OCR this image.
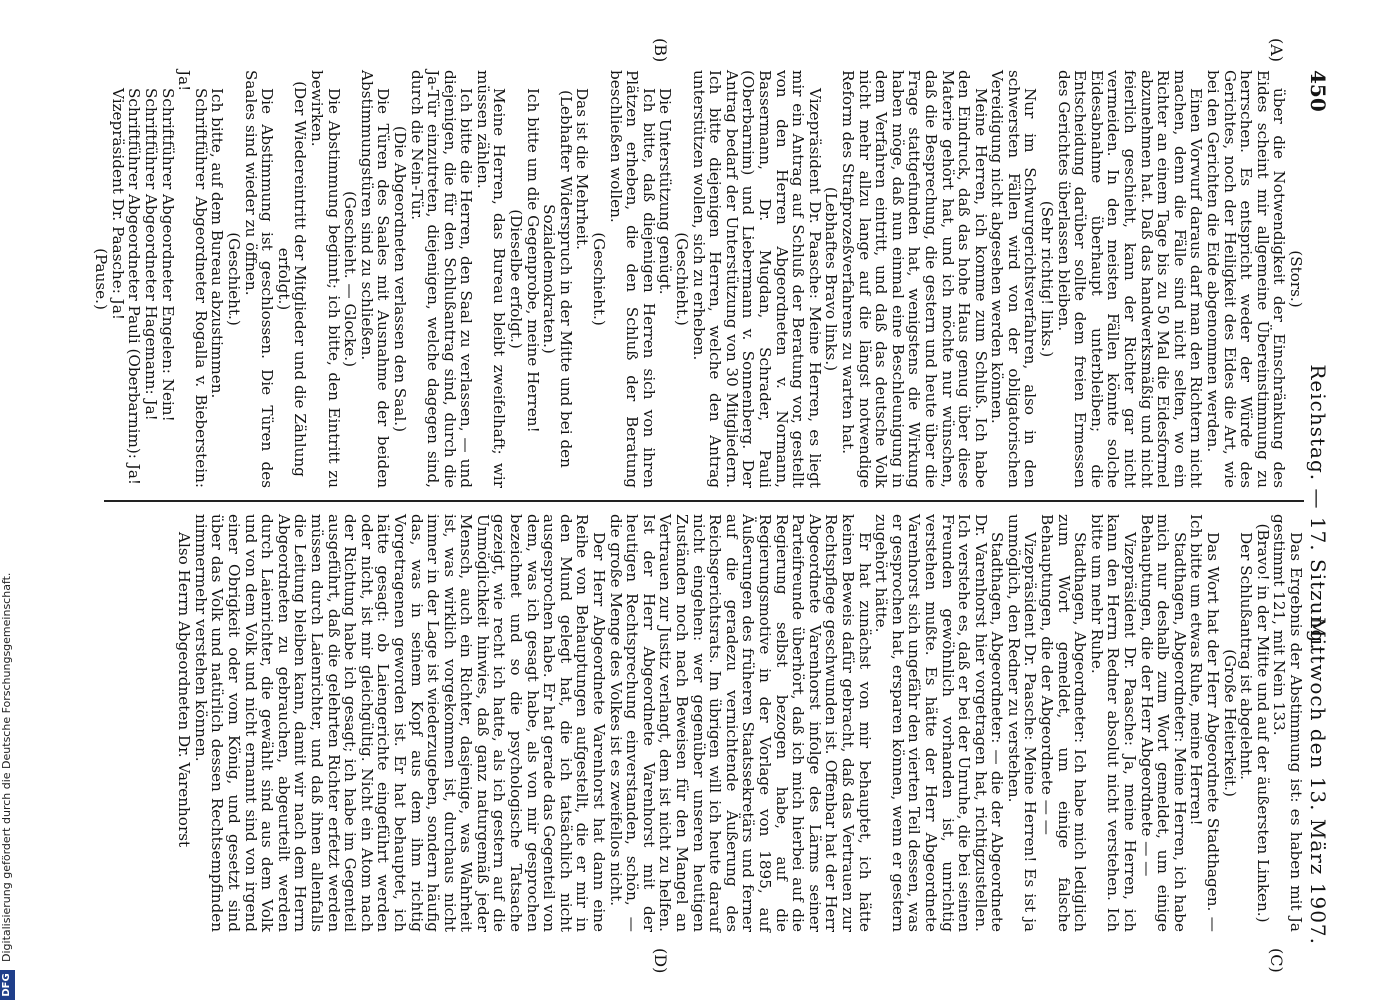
450
Reichstag. — 17. Sitzung.
Mittwoch den 13. März 1907.
(A)
(B)
(C)
(D)

(Stors.)

über die Notwendigkeit der Einschränkung des Eides scheint mir allgemeine Übereinstimmung zu herrschen. Es entspricht weder der Würde des Gerichtes, noch der Heiligkeit des Eides die Art, wie bei den Gerichten die Eide abgenommen werden.

Einen Vorwurf daraus darf man den Richtern nicht machen, denn die Fälle sind nicht selten, wo ein Richter an einem Tage bis zu 50 Mal die Eidesformel abzunehmen hat. Daß das handwerksmäßig und nicht feierlich geschieht, kann der Richter gar nicht vermeiden. In den meisten Fällen könnte solche Eidesabnahme überhaupt unterbleiben; die Entscheidung darüber sollte dem freien Ermessen des Gerichtes überlassen bleiben.

(Sehr richtig! links.)

Nur im Schwurgerichtsverfahren, also in den schwersten Fällen wird von der obligatorischen Vereidigung nicht abgesehen werden können.

Meine Herren, ich komme zum Schluß. Ich habe den Eindruck, daß das hohe Haus genug über diese Materie gehört hat, und ich möchte nur wünschen, daß die Besprechung, die gestern und heute über die Frage stattgefunden hat, wenigstens die Wirkung haben möge, daß nun einmal eine Beschleunigung in dem Verfahren eintritt, und daß das deutsche Volk nicht mehr allzu lange auf die längst notwendige Reform des Strafprozeßverfahrens zu warten hat.

(Lebhaftes Bravo links.)

Vizepräsident Dr. Paasche: Meine Herren, es liegt mir ein Antrag auf Schluß der Beratung vor, gestellt von den Herren Abgeordneten v. Normann, Bassermann, Dr. Mugdan, Schrader, Pauli (Oberbarnim) und Liebermann v. Sonnenberg. Der Antrag bedarf der Unterstützung von 30 Mitgliedern. Ich bitte diejenigen Herren, welche den Antrag unterstützen wollen, sich zu erheben.

(Geschieht.)

Die Unterstützung genügt.

Ich bitte, daß diejenigen Herren sich von ihren Plätzen erheben, die den Schluß der Beratung beschließen wollen.

(Geschieht.)

Das ist die Mehrheit.

(Lebhafter Widerspruch in der Mitte und bei den Sozialdemokraten.)

Ich bitte um die Gegenprobe, meine Herren!

(Dieselbe erfolgt.)

Meine Herren, das Bureau bleibt zweifelhaft; wir müssen zählen.

Ich bitte die Herren, den Saal zu verlassen, — und diejenigen, die für den Schlußantrag sind, durch die Ja-Tür einzutreten, diejenigen, welche dagegen sind, durch die Nein-Tür.

(Die Abgeordneten verlassen den Saal.)

Die Türen des Saales mit Ausnahme der beiden Abstimmungstüren sind zu schließen.

(Geschieht. — Glocke.)

Die Abstimmung beginnt; ich bitte, den Eintritt zu bewirken.

(Der Wiedereintritt der Mitglieder und die Zählung erfolgt.)

Die Abstimmung ist geschlossen. Die Türen des Saales sind wieder zu öffnen.

(Geschieht.)

Ich bitte, auf dem Bureau abzustimmen.

Schriftführer Abgeordneter Rogalla v. Bieberstein: Ja!

Schriftführer Abgeordneter Engelen: Nein!

Schriftführer Abgeordneter Hagemann: Ja!

Schriftführer Abgeordneter Pauli (Oberbarnim): Ja!

Vizepräsident Dr. Paasche: Ja!

(Pause.)

Das Ergebnis der Abstimmung ist: es haben mit Ja gestimmt 121, mit Nein 133.

(Bravo! in der Mitte und auf der äußersten Linken.)

Der Schlußantrag ist abgelehnt.

(Große Heiterkeit.)

Das Wort hat der Herr Abgeordnete Stadthagen. — Ich bitte um etwas Ruhe, meine Herren!

Stadthagen, Abgeordneter: Meine Herren, ich habe mich nur deshalb zum Wort gemeldet, um einige Behauptungen, die der Herr Abgeordnete — —

Vizepräsident Dr. Paasche: Ja, meine Herren, ich kann den Herrn Redner absolut nicht verstehen. Ich bitte um mehr Ruhe.

Stadthagen, Abgeordneter: Ich habe mich lediglich zum Wort gemeldet, um einige falsche Behauptungen, die der Abgeordnete — —

Vizepräsident Dr. Paasche: Meine Herren! Es ist ja unmöglich, den Redner zu verstehen.

Stadthagen, Abgeordneter: — die der Abgeordnete Dr. Varenhorst hier vorgetragen hat, richtigzustellen. Ich verstehe es, daß er bei der Unruhe, die bei seinen Freunden gewöhnlich vorhanden ist, unrichtig verstehen mußte. Es hätte der Herr Abgeordnete Varenhorst sich ungefähr den vierten Teil dessen, was er gesprochen hat, ersparen können, wenn er gestern zugehört hätte.

Er hat zunächst von mir behauptet, ich hätte keinen Beweis dafür gebracht, daß das Vertrauen zur Rechtspflege geschwunden ist. Offenbar hat der Herr Abgeordnete Varenhorst infolge des Lärms seiner Parteifreunde überhört, daß ich mich hierbei auf die Regierung selbst bezogen habe, auf die Regierungsmotive in der Vorlage von 1895, auf Äußerungen des früheren Staatssekretärs und ferner auf die geradezu vernichtende Äußerung des Reichsgerichtsrats. Im übrigen will ich heute darauf nicht eingehen: wer gegenüber unseren heutigen Zuständen noch nach Beweisen für den Mangel an Vertrauen zur Justiz verlangt, dem ist nicht zu helfen. Ist der Herr Abgeordnete Varenhorst mit der heutigen Rechtsprechung einverstanden, schön, — die große Menge des Volkes ist es zweifellos nicht.

Der Herr Abgeordnete Varenhorst hat dann eine Reihe von Behauptungen aufgestellt, die er mir in den Mund gelegt hat, die ich tatsächlich nicht ausgesprochen habe. Er hat gerade das Gegenteil von dem, was ich gesagt habe, als von mir gesprochen bezeichnet und so die psychologische Tatsache gezeigt, wie recht ich hatte, als ich gestern auf die Unmöglichkeit hinwies, daß ganz naturgemäß jeder Mensch, auch ein Richter, dasjenige, was Wahrheit ist, was wirklich vorgekommen ist, durchaus nicht immer in der Lage ist wiederzugeben, sondern häufig das, was in seinem Kopf aus dem ihm richtig Vorgetragenen geworden ist. Er hat behauptet, ich hätte gesagt: ob Laiengerichte eingeführt werden oder nicht, ist mir gleichgültig. Nicht ein Atom nach der Richtung habe ich gesagt; ich habe im Gegenteil ausgeführt, daß die gelehrten Richter erfetzt werden müssen durch Laienrichter, und daß ihnen allenfalls die Leitung bleiben kann, damit wir nach dem Herrn Abgeordneten zu gebrauchen, abgeurteilt werden durch Laienrichter, die gewählt sind aus dem Volk und von dem Volk und nicht ernannt sind von irgend einer Obrigkeit oder vom König, und gesetzt sind über das Volk und natürlich dessen Rechtsempfinden nimmermehr verstehen können.

Also Herrn Abgeordneten Dr. Varenhorst

DFGDigitalisierung gefördert durch die Deutsche Forschungsgemeinschaft.
